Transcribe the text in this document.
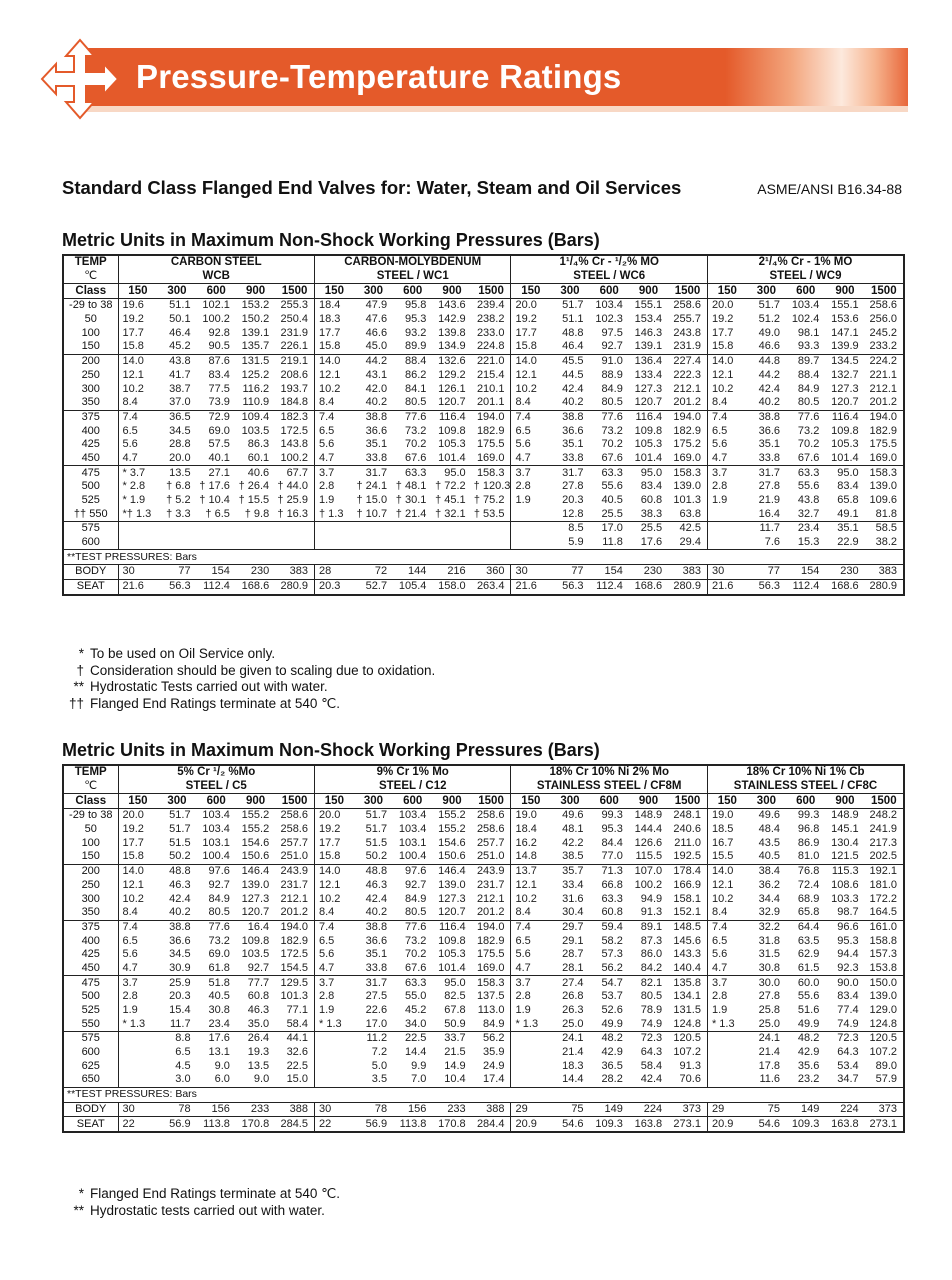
Pressure-Temperature Ratings
Standard Class Flanged End Valves for: Water, Steam and Oil Services	ASME/ANSI B16.34-88
Metric Units in Maximum Non-Shock Working Pressures (Bars)
TEMP	CARBON STEEL					CARBON-MOLYBDENUM					1¹/₄% Cr - ¹/₂% MO					2¹/₄% Cr - 1% MO				
℃	WCB					STEEL / WC1					STEEL / WC6					STEEL / WC9				
Class	150	300	600	900	1500	150	300	600	900	1500	150	300	600	900	1500	150	300	600	900	1500
-29 to 38	19.6	51.1	102.1	153.2	255.3	18.4	47.9	95.8	143.6	239.4	20.0	51.7	103.4	155.1	258.6	20.0	51.7	103.4	155.1	258.6
50	19.2	50.1	100.2	150.2	250.4	18.3	47.6	95.3	142.9	238.2	19.2	51.1	102.3	153.4	255.7	19.2	51.2	102.4	153.6	256.0
100	17.7	46.4	92.8	139.1	231.9	17.7	46.6	93.2	139.8	233.0	17.7	48.8	97.5	146.3	243.8	17.7	49.0	98.1	147.1	245.2
150	15.8	45.2	90.5	135.7	226.1	15.8	45.0	89.9	134.9	224.8	15.8	46.4	92.7	139.1	231.9	15.8	46.6	93.3	139.9	233.2
200	14.0	43.8	87.6	131.5	219.1	14.0	44.2	88.4	132.6	221.0	14.0	45.5	91.0	136.4	227.4	14.0	44.8	89.7	134.5	224.2
250	12.1	41.7	83.4	125.2	208.6	12.1	43.1	86.2	129.2	215.4	12.1	44.5	88.9	133.4	222.3	12.1	44.2	88.4	132.7	221.1
300	10.2	38.7	77.5	116.2	193.7	10.2	42.0	84.1	126.1	210.1	10.2	42.4	84.9	127.3	212.1	10.2	42.4	84.9	127.3	212.1
350	8.4	37.0	73.9	110.9	184.8	8.4	40.2	80.5	120.7	201.1	8.4	40.2	80.5	120.7	201.2	8.4	40.2	80.5	120.7	201.2
375	7.4	36.5	72.9	109.4	182.3	7.4	38.8	77.6	116.4	194.0	7.4	38.8	77.6	116.4	194.0	7.4	38.8	77.6	116.4	194.0
400	6.5	34.5	69.0	103.5	172.5	6.5	36.6	73.2	109.8	182.9	6.5	36.6	73.2	109.8	182.9	6.5	36.6	73.2	109.8	182.9
425	5.6	28.8	57.5	86.3	143.8	5.6	35.1	70.2	105.3	175.5	5.6	35.1	70.2	105.3	175.2	5.6	35.1	70.2	105.3	175.5
450	4.7	20.0	40.1	60.1	100.2	4.7	33.8	67.6	101.4	169.0	4.7	33.8	67.6	101.4	169.0	4.7	33.8	67.6	101.4	169.0
475	* 3.7	13.5	27.1	40.6	67.7	3.7	31.7	63.3	95.0	158.3	3.7	31.7	63.3	95.0	158.3	3.7	31.7	63.3	95.0	158.3
500	* 2.8	† 6.8	† 17.6	† 26.4	† 44.0	2.8	† 24.1	† 48.1	† 72.2	† 120.3	2.8	27.8	55.6	83.4	139.0	2.8	27.8	55.6	83.4	139.0
525	* 1.9	† 5.2	† 10.4	† 15.5	† 25.9	1.9	† 15.0	† 30.1	† 45.1	† 75.2	1.9	20.3	40.5	60.8	101.3	1.9	21.9	43.8	65.8	109.6
†† 550	*† 1.3	† 3.3	† 6.5	† 9.8	† 16.3	† 1.3	† 10.7	† 21.4	† 32.1	† 53.5		12.8	25.5	38.3	63.8		16.4	32.7	49.1	81.8
575												8.5	17.0	25.5	42.5		11.7	23.4	35.1	58.5
600												5.9	11.8	17.6	29.4		7.6	15.3	22.9	38.2
**TEST PRESSURES: Bars																				
BODY	30	77	154	230	383	28	72	144	216	360	30	77	154	230	383	30	77	154	230	383
SEAT	21.6	56.3	112.4	168.6	280.9	20.3	52.7	105.4	158.0	263.4	21.6	56.3	112.4	168.6	280.9	21.6	56.3	112.4	168.6	280.9
* To be used on Oil Service only.
† Consideration should be given to scaling due to oxidation.
** Hydrostatic Tests carried out with water.
†† Flanged End Ratings terminate at 540 ℃.
Metric Units in Maximum Non-Shock Working Pressures (Bars)
TEMP	5% Cr ¹/₂ %Mo					9% Cr 1% Mo					18% Cr 10% Ni 2% Mo					18% Cr 10% Ni 1% Cb				
℃	STEEL / C5					STEEL / C12					STAINLESS STEEL / CF8M					STAINLESS STEEL / CF8C				
Class	150	300	600	900	1500	150	300	600	900	1500	150	300	600	900	1500	150	300	600	900	1500
-29 to 38	20.0	51.7	103.4	155.2	258.6	20.0	51.7	103.4	155.2	258.6	19.0	49.6	99.3	148.9	248.1	19.0	49.6	99.3	148.9	248.2
50	19.2	51.7	103.4	155.2	258.6	19.2	51.7	103.4	155.2	258.6	18.4	48.1	95.3	144.4	240.6	18.5	48.4	96.8	145.1	241.9
100	17.7	51.5	103.1	154.6	257.7	17.7	51.5	103.1	154.6	257.7	16.2	42.2	84.4	126.6	211.0	16.7	43.5	86.9	130.4	217.3
150	15.8	50.2	100.4	150.6	251.0	15.8	50.2	100.4	150.6	251.0	14.8	38.5	77.0	115.5	192.5	15.5	40.5	81.0	121.5	202.5
200	14.0	48.8	97.6	146.4	243.9	14.0	48.8	97.6	146.4	243.9	13.7	35.7	71.3	107.0	178.4	14.0	38.4	76.8	115.3	192.1
250	12.1	46.3	92.7	139.0	231.7	12.1	46.3	92.7	139.0	231.7	12.1	33.4	66.8	100.2	166.9	12.1	36.2	72.4	108.6	181.0
300	10.2	42.4	84.9	127.3	212.1	10.2	42.4	84.9	127.3	212.1	10.2	31.6	63.3	94.9	158.1	10.2	34.4	68.9	103.3	172.2
350	8.4	40.2	80.5	120.7	201.2	8.4	40.2	80.5	120.7	201.2	8.4	30.4	60.8	91.3	152.1	8.4	32.9	65.8	98.7	164.5
375	7.4	38.8	77.6	16.4	194.0	7.4	38.8	77.6	116.4	194.0	7.4	29.7	59.4	89.1	148.5	7.4	32.2	64.4	96.6	161.0
400	6.5	36.6	73.2	109.8	182.9	6.5	36.6	73.2	109.8	182.9	6.5	29.1	58.2	87.3	145.6	6.5	31.8	63.5	95.3	158.8
425	5.6	34.5	69.0	103.5	172.5	5.6	35.1	70.2	105.3	175.5	5.6	28.7	57.3	86.0	143.3	5.6	31.5	62.9	94.4	157.3
450	4.7	30.9	61.8	92.7	154.5	4.7	33.8	67.6	101.4	169.0	4.7	28.1	56.2	84.2	140.4	4.7	30.8	61.5	92.3	153.8
475	3.7	25.9	51.8	77.7	129.5	3.7	31.7	63.3	95.0	158.3	3.7	27.4	54.7	82.1	135.8	3.7	30.0	60.0	90.0	150.0
500	2.8	20.3	40.5	60.8	101.3	2.8	27.5	55.0	82.5	137.5	2.8	26.8	53.7	80.5	134.1	2.8	27.8	55.6	83.4	139.0
525	1.9	15.4	30.8	46.3	77.1	1.9	22.6	45.2	67.8	113.0	1.9	26.3	52.6	78.9	131.5	1.9	25.8	51.6	77.4	129.0
550	* 1.3	11.7	23.4	35.0	58.4	* 1.3	17.0	34.0	50.9	84.9	* 1.3	25.0	49.9	74.9	124.8	* 1.3	25.0	49.9	74.9	124.8
575		8.8	17.6	26.4	44.1		11.2	22.5	33.7	56.2		24.1	48.2	72.3	120.5		24.1	48.2	72.3	120.5
600		6.5	13.1	19.3	32.6		7.2	14.4	21.5	35.9		21.4	42.9	64.3	107.2		21.4	42.9	64.3	107.2
625		4.5	9.0	13.5	22.5		5.0	9.9	14.9	24.9		18.3	36.5	58.4	91.3		17.8	35.6	53.4	89.0
650		3.0	6.0	9.0	15.0		3.5	7.0	10.4	17.4		14.4	28.2	42.4	70.6		11.6	23.2	34.7	57.9
**TEST PRESSURES: Bars																				
BODY	30	78	156	233	388	30	78	156	233	388	29	75	149	224	373	29	75	149	224	373
SEAT	22	56.9	113.8	170.8	284.5	22	56.9	113.8	170.8	284.4	20.9	54.6	109.3	163.8	273.1	20.9	54.6	109.3	163.8	273.1
* Flanged End Ratings terminate at 540 ℃.
** Hydrostatic tests carried out with water.
